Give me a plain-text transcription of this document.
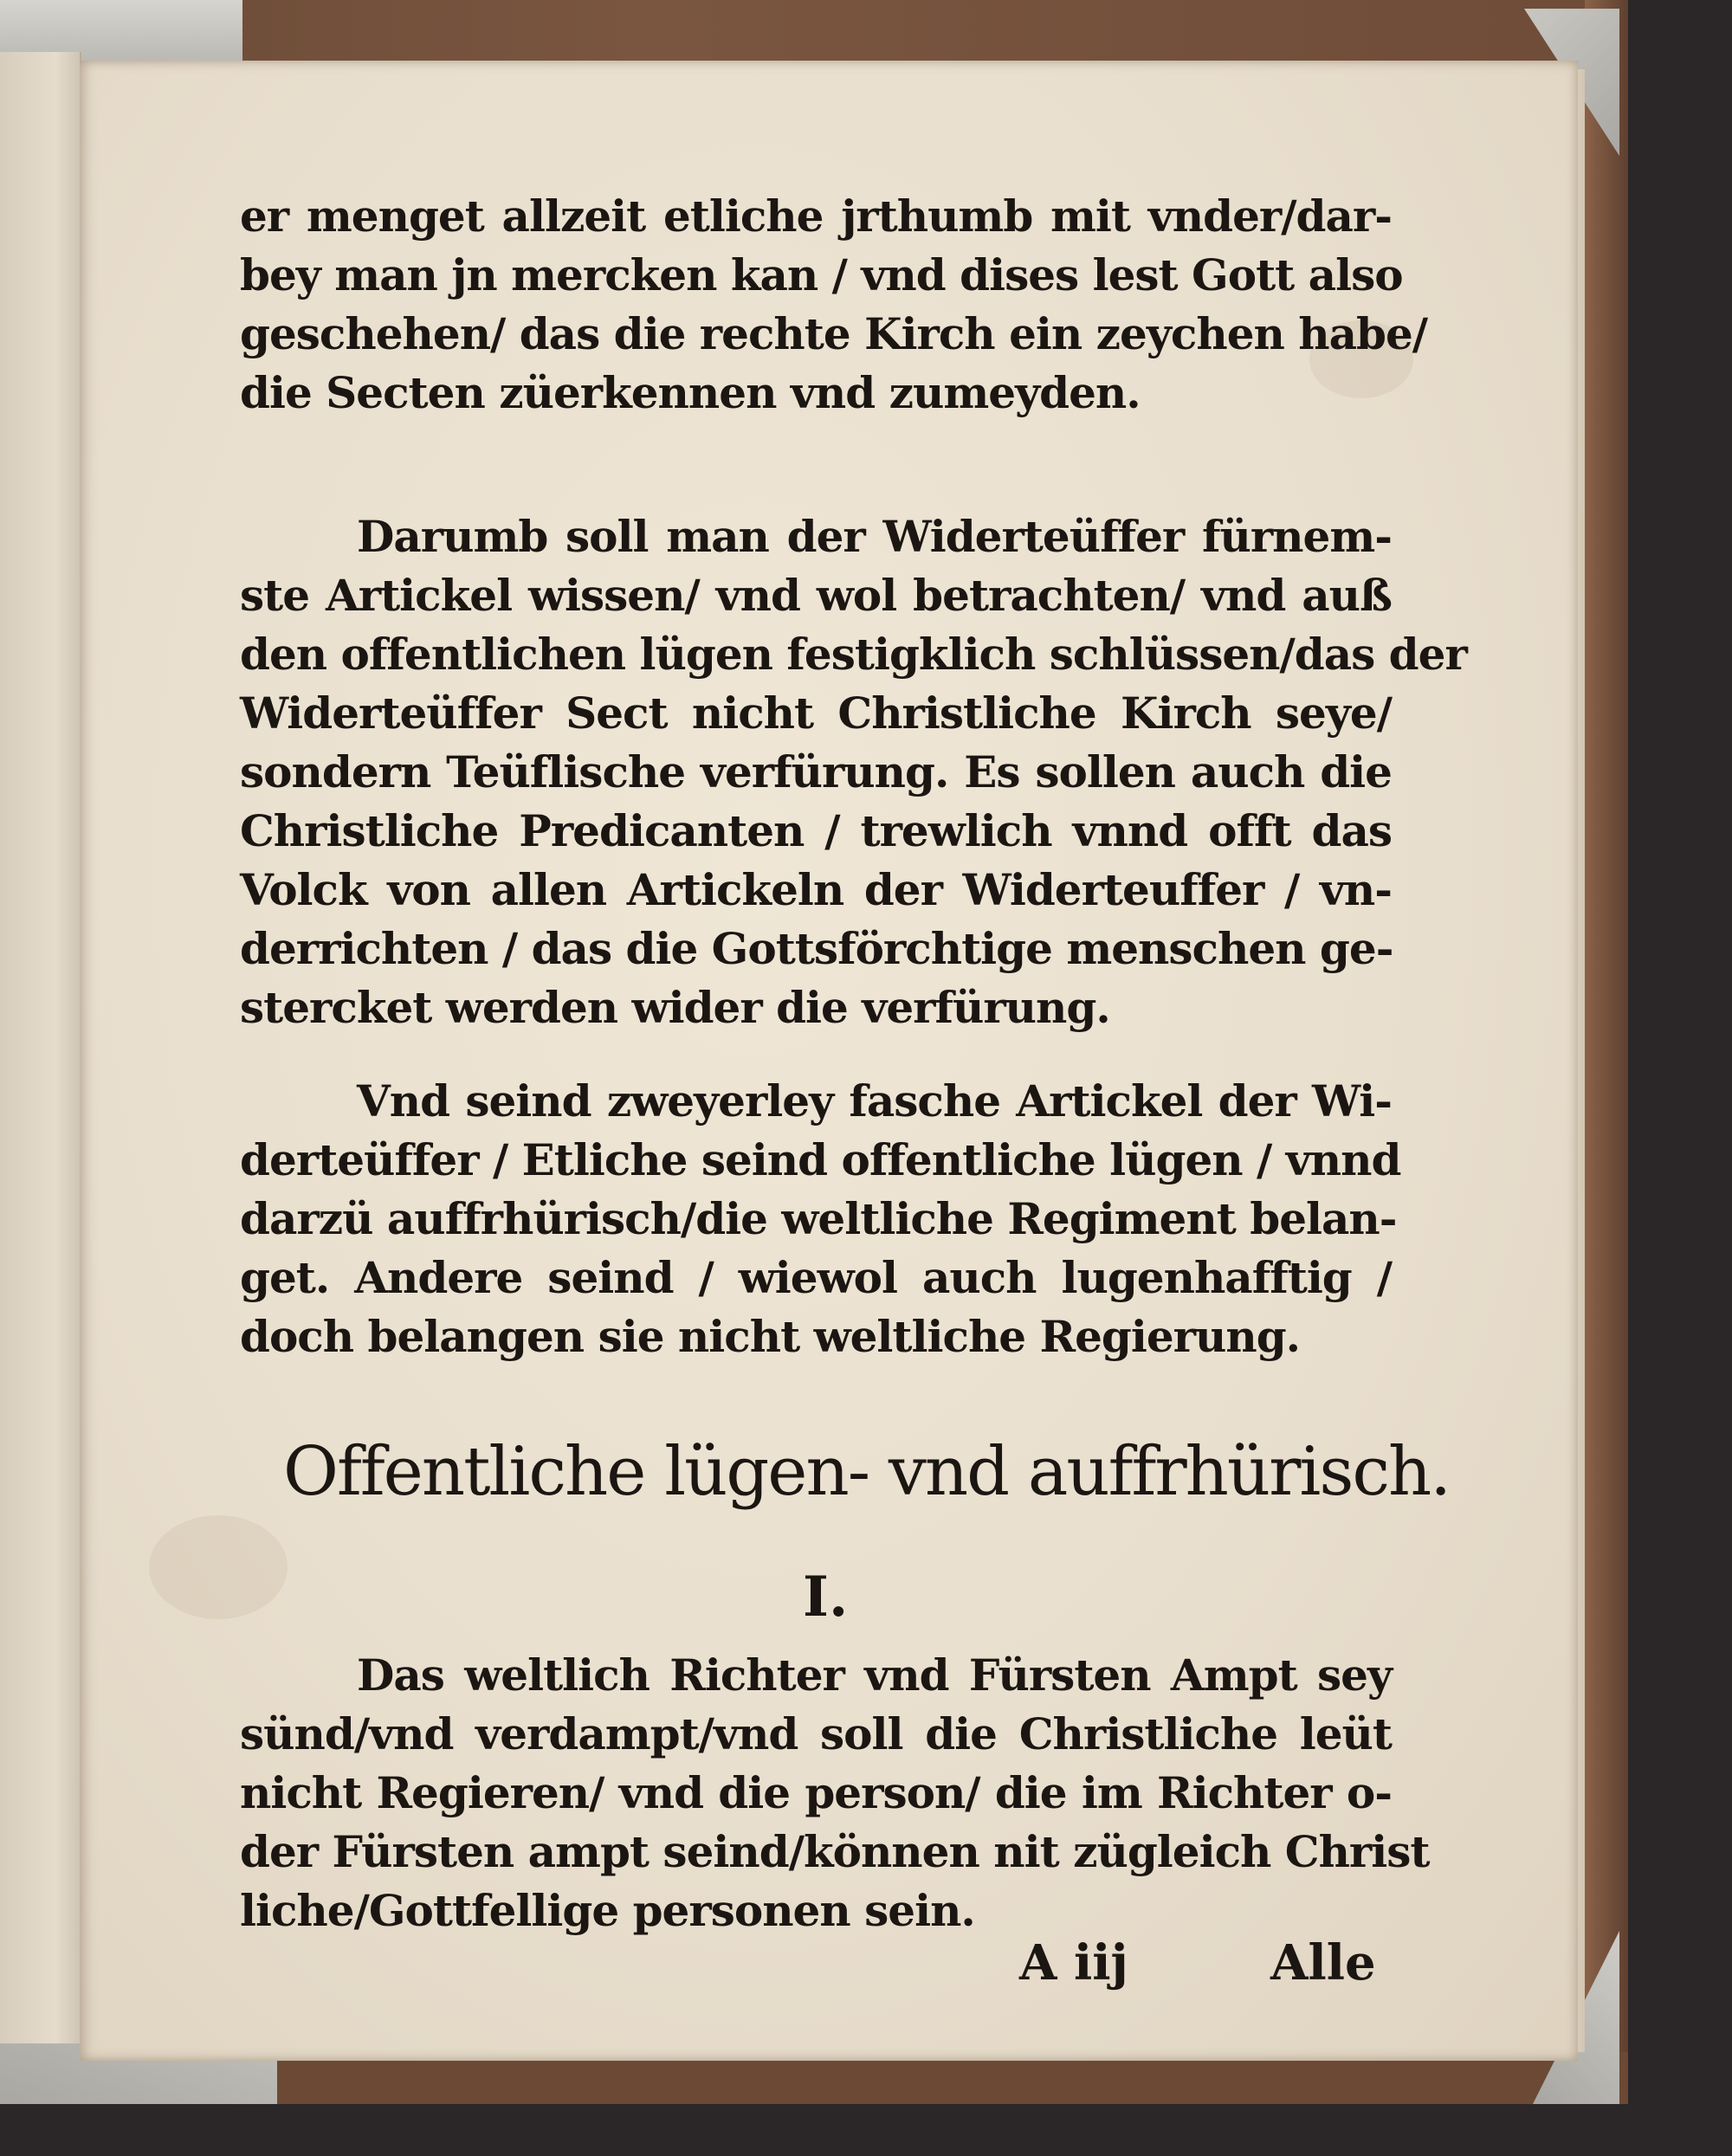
er menget allzeit etliche jrthumb mit vnder/dar-
bey man jn mercken kan / vnd dises lest Gott also
geschehen/ das die rechte Kirch ein zeychen habe/
die Secten züerkennen vnd zumeyden.
Darumb soll man der Widerteüffer fürnem-
ste Artickel wissen/ vnd wol betrachten/ vnd auß
den offentlichen lügen festigklich schlüssen/das der
Widerteüffer Sect nicht Christliche Kirch seye/
sondern Teüflische verfürung. Es sollen auch die
Christliche Predicanten / trewlich vnnd offt das
Volck von allen Artickeln der Widerteuffer / vn-
derrichten / das die Gottsförchtige menschen ge-
stercket werden wider die verfürung.
Vnd seind zweyerley fasche Artickel der Wi-
derteüffer / Etliche seind offentliche lügen / vnnd
darzü auffrhürisch/die weltliche Regiment belan-
get. Andere seind / wiewol auch lugenhafftig /
doch belangen sie nicht weltliche Regierung.
Offentliche lügen- vnd auffrhürisch.
I.
Das weltlich Richter vnd Fürsten Ampt sey
sünd/vnd verdampt/vnd soll die Christliche leüt
nicht Regieren/ vnd die person/ die im Richter o-
der Fürsten ampt seind/können nit zügleich Christ
liche/Gottfellige personen sein.
A iij	Alle
